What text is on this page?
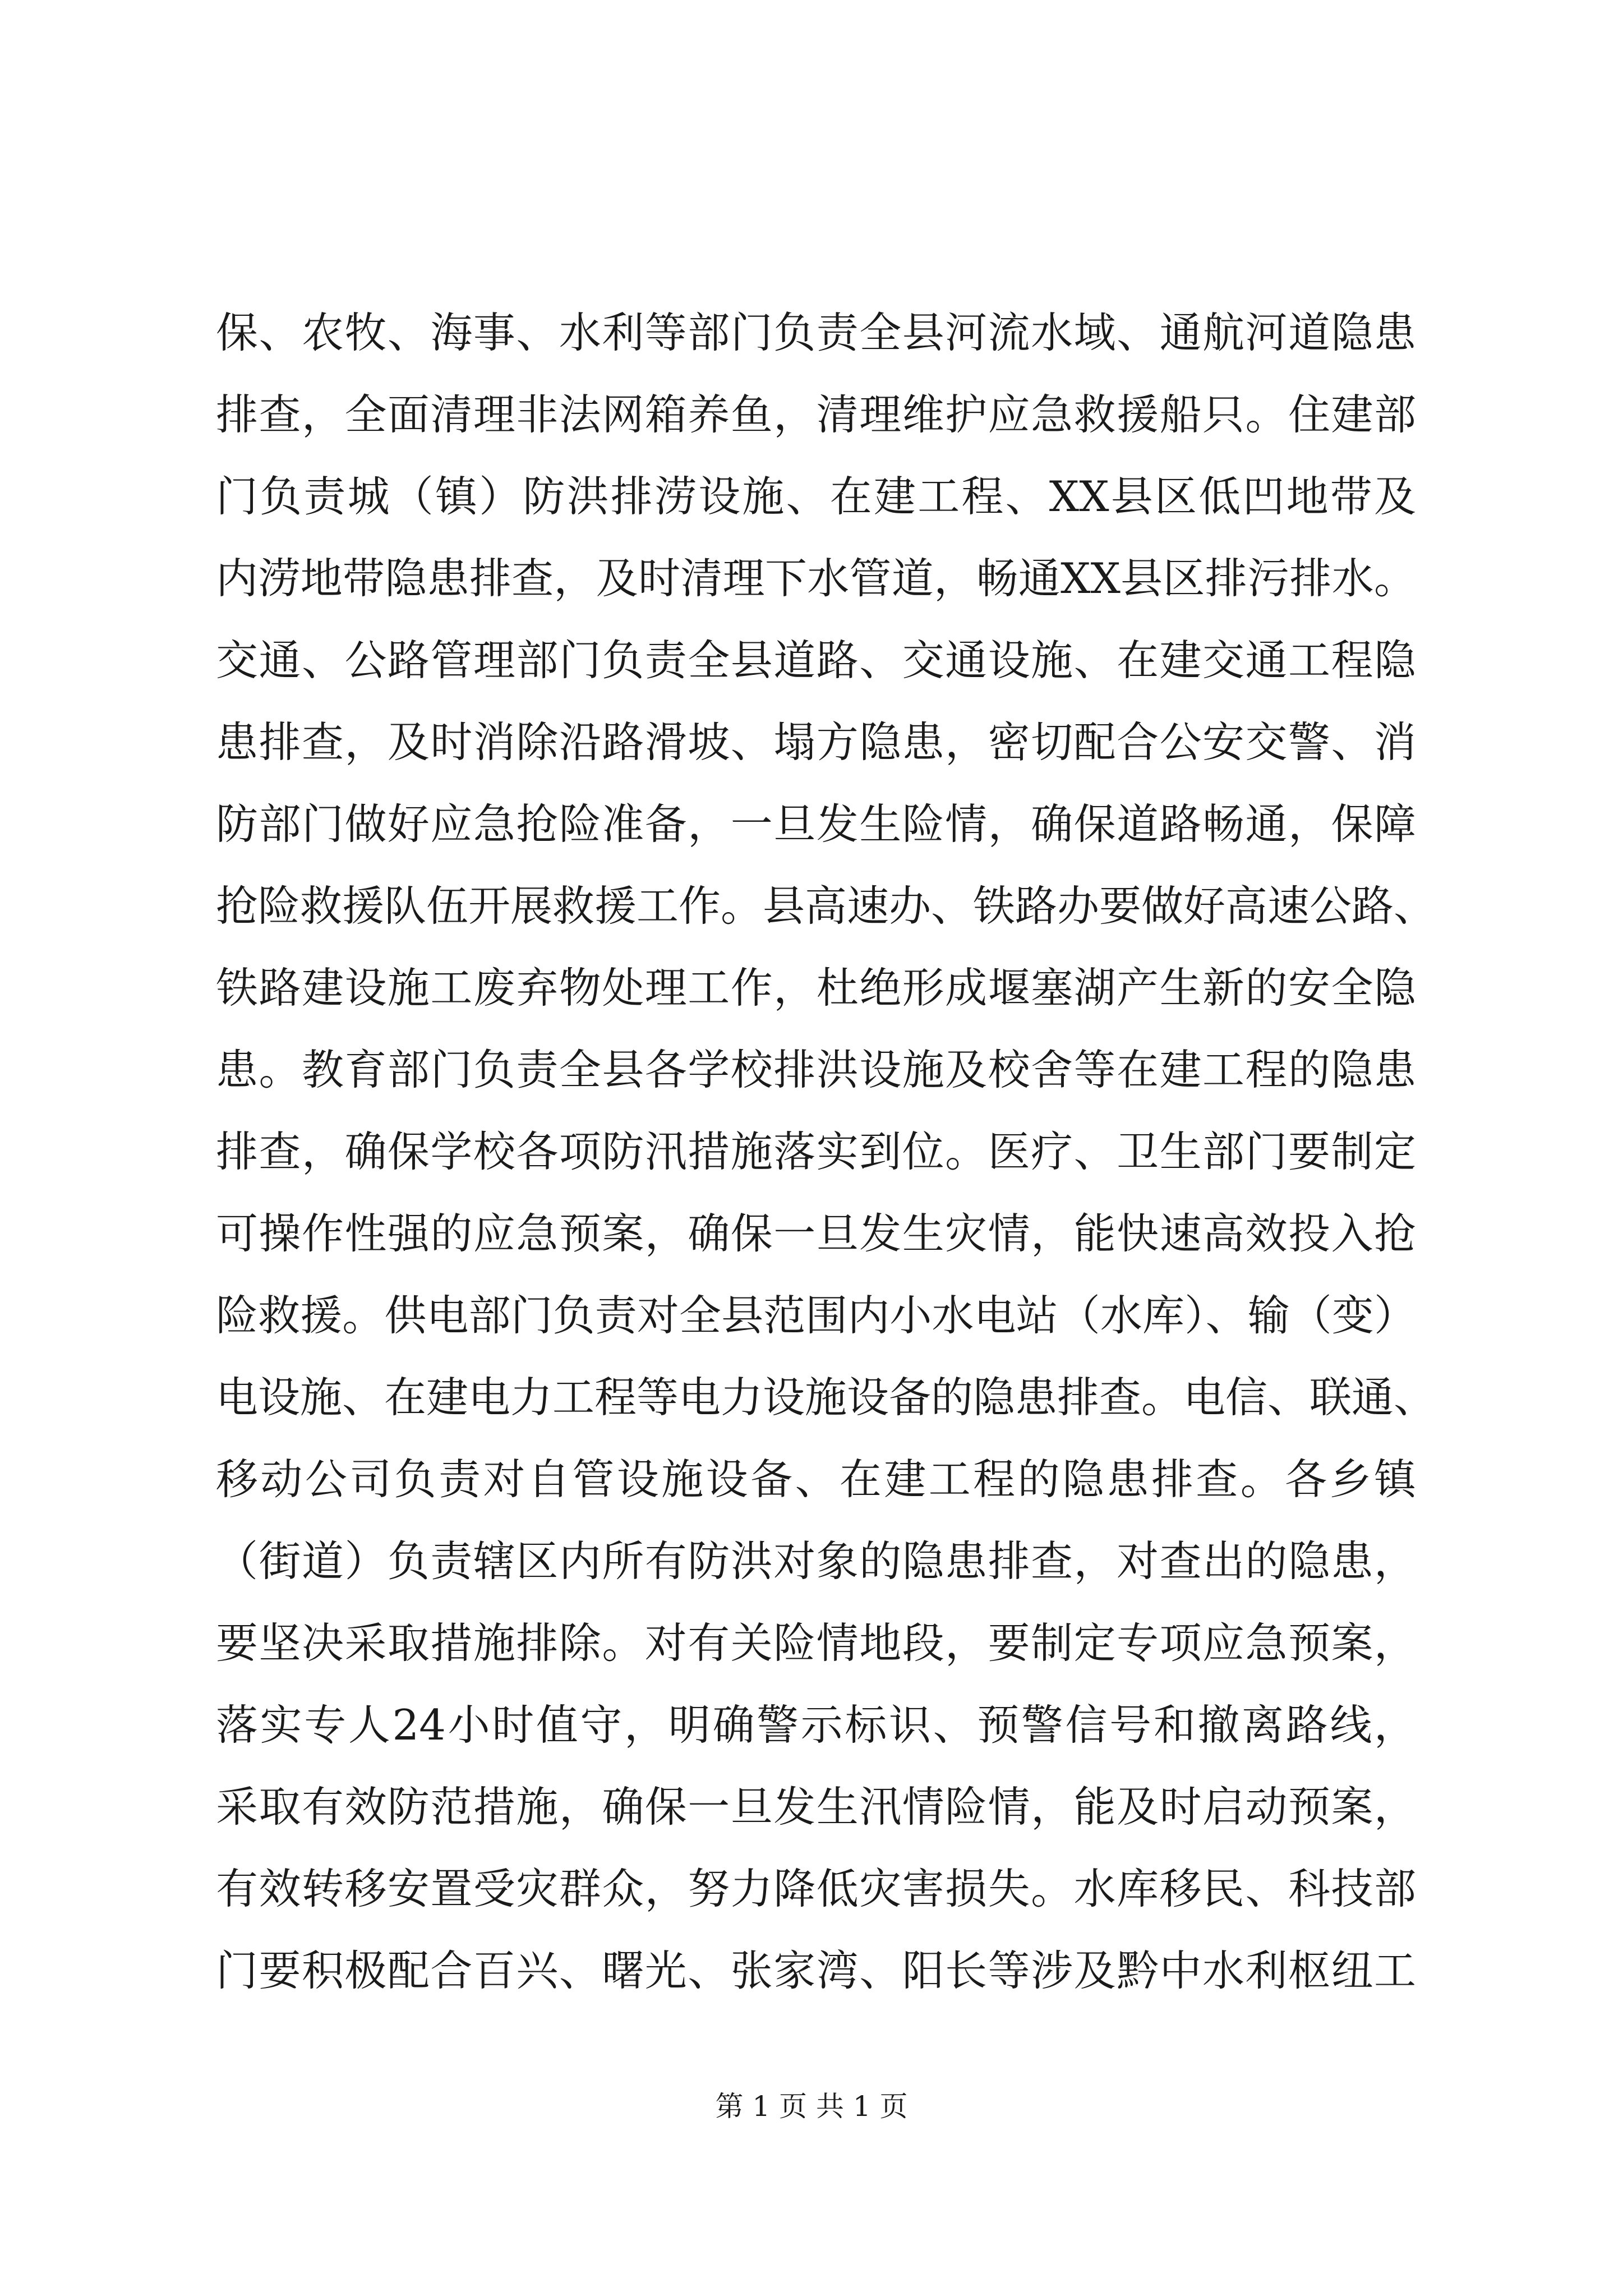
保、农牧、海事、水利等部门负责全县河流水域、通航河道隐患
排查，全面清理非法网箱养鱼，清理维护应急救援船只。住建部
门负责城（镇）防洪排涝设施、在建工程、XX县区低凹地带及
内涝地带隐患排查，及时清理下水管道，畅通XX县区排污排水。
交通、公路管理部门负责全县道路、交通设施、在建交通工程隐
患排查，及时消除沿路滑坡、塌方隐患，密切配合公安交警、消
防部门做好应急抢险准备，一旦发生险情，确保道路畅通，保障
抢险救援队伍开展救援工作。县高速办、铁路办要做好高速公路、
铁路建设施工废弃物处理工作，杜绝形成堰塞湖产生新的安全隐
患。教育部门负责全县各学校排洪设施及校舍等在建工程的隐患
排查，确保学校各项防汛措施落实到位。医疗、卫生部门要制定
可操作性强的应急预案，确保一旦发生灾情，能快速高效投入抢
险救援。供电部门负责对全县范围内小水电站（水库）、输（变）
电设施、在建电力工程等电力设施设备的隐患排查。电信、联通、
移动公司负责对自管设施设备、在建工程的隐患排查。各乡镇
（街道）负责辖区内所有防洪对象的隐患排查，对查出的隐患，
要坚决采取措施排除。对有关险情地段，要制定专项应急预案，
落实专人24小时值守，明确警示标识、预警信号和撤离路线，
采取有效防范措施，确保一旦发生汛情险情，能及时启动预案，
有效转移安置受灾群众，努力降低灾害损失。水库移民、科技部
门要积极配合百兴、曙光、张家湾、阳长等涉及黔中水利枢纽工
第 1 页 共 1 页
